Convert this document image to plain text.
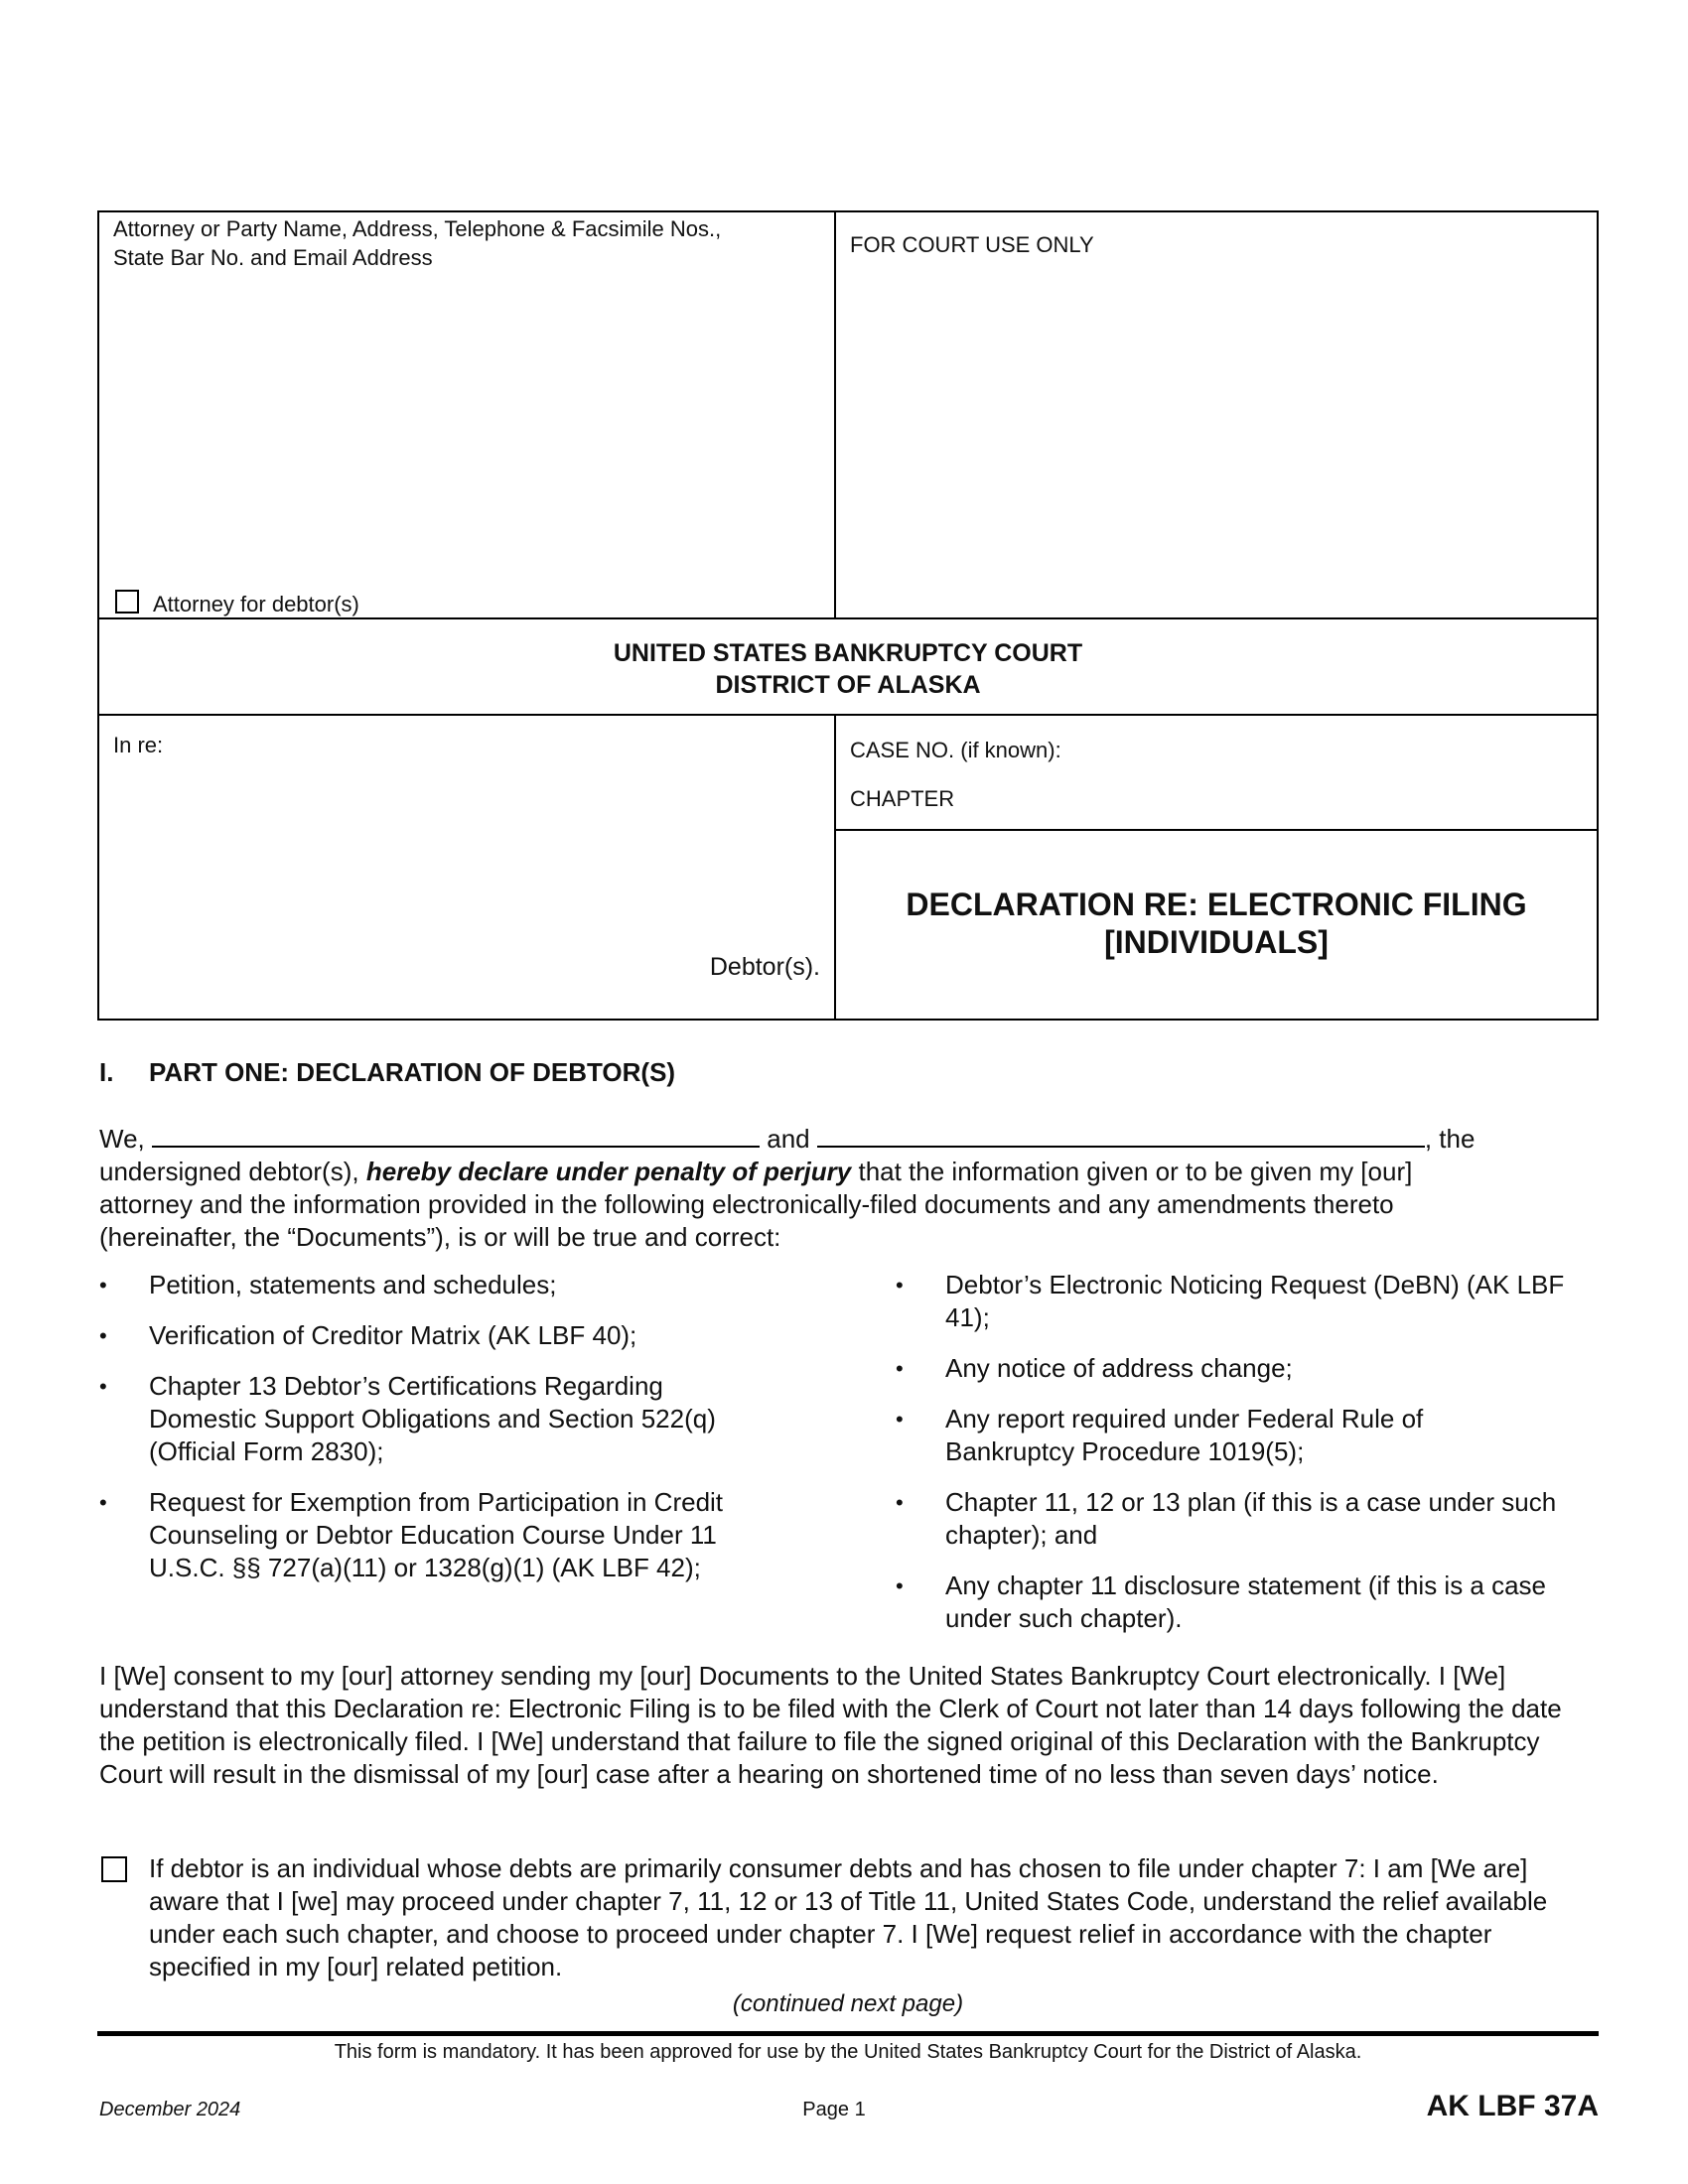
Attorney or Party Name, Address, Telephone & Facsimile Nos.,
State Bar No. and Email Address
Attorney for debtor(s)
FOR COURT USE ONLY
UNITED STATES BANKRUPTCY COURT
DISTRICT OF ALASKA
In re:
Debtor(s).
CASE NO. (if known):
CHAPTER
DECLARATION RE: ELECTRONIC FILING
[INDIVIDUALS]
I. PART ONE: DECLARATION OF DEBTOR(S)
We,	and	, the
undersigned debtor(s), hereby declare under penalty of perjury that the information given or to be given my [our]
attorney and the information provided in the following electronically-filed documents and any amendments thereto
(hereinafter, the “Documents”), is or will be true and correct:
• Petition, statements and schedules;
• Verification of Creditor Matrix (AK LBF 40);
• Chapter 13 Debtor’s Certifications Regarding Domestic Support Obligations and Section 522(q) (Official Form 2830);
• Request for Exemption from Participation in Credit Counseling or Debtor Education Course Under 11 U.S.C. §§ 727(a)(11) or 1328(g)(1) (AK LBF 42);
• Debtor’s Electronic Noticing Request (DeBN) (AK LBF 41);
• Any notice of address change;
• Any report required under Federal Rule of Bankruptcy Procedure 1019(5);
• Chapter 11, 12 or 13 plan (if this is a case under such chapter); and
• Any chapter 11 disclosure statement (if this is a case under such chapter).
I [We] consent to my [our] attorney sending my [our] Documents to the United States Bankruptcy Court electronically. I [We] understand that this Declaration re: Electronic Filing is to be filed with the Clerk of Court not later than 14 days following the date the petition is electronically filed. I [We] understand that failure to file the signed original of this Declaration with the Bankruptcy Court will result in the dismissal of my [our] case after a hearing on shortened time of no less than seven days’ notice.
If debtor is an individual whose debts are primarily consumer debts and has chosen to file under chapter 7: I am [We are] aware that I [we] may proceed under chapter 7, 11, 12 or 13 of Title 11, United States Code, understand the relief available under each such chapter, and choose to proceed under chapter 7. I [We] request relief in accordance with the chapter specified in my [our] related petition.
(continued next page)
This form is mandatory. It has been approved for use by the United States Bankruptcy Court for the District of Alaska.
December 2024	Page 1	AK LBF 37A
